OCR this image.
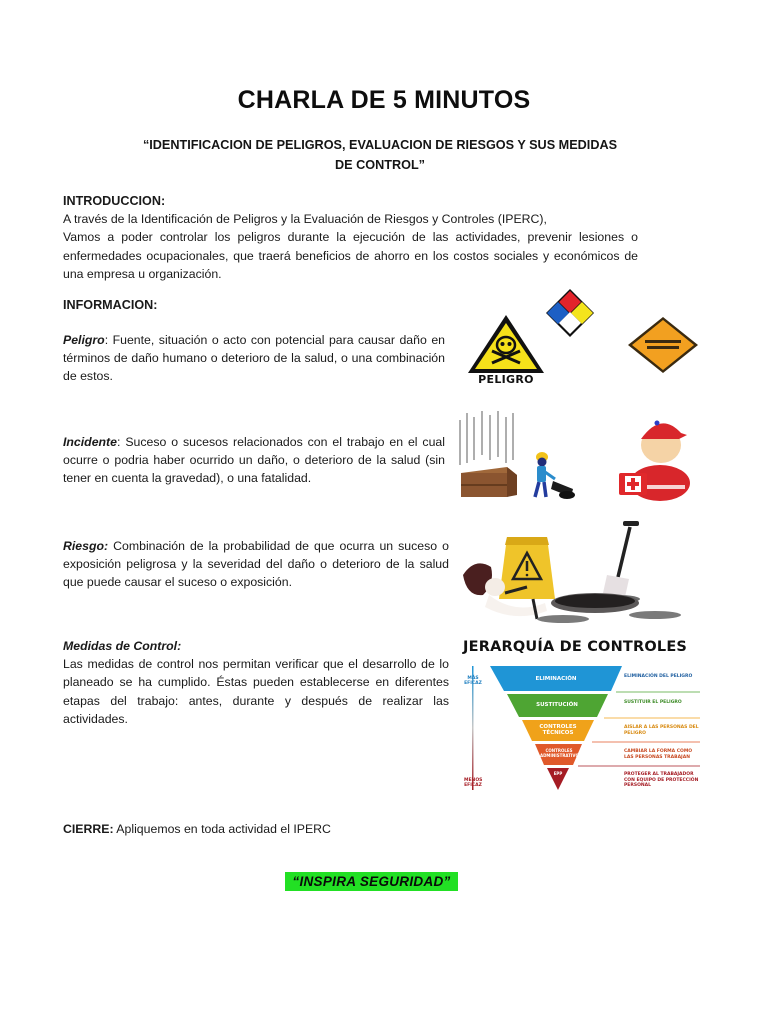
CHARLA DE 5 MINUTOS
“IDENTIFICACION DE PELIGROS, EVALUACION DE RIESGOS Y SUS MEDIDAS
DE CONTROL”
INTRODUCCION:
A través de la Identificación de Peligros y la Evaluación de Riesgos y Controles (IPERC),
Vamos a poder controlar los peligros durante la ejecución de las actividades, prevenir lesiones o enfermedades ocupacionales, que traerá beneficios de ahorro en los costos sociales y económicos de una empresa u organización.
INFORMACION:
Peligro: Fuente, situación o acto con potencial para causar daño en términos de daño humano o deterioro de la salud, o una combinación de estos.
Incidente: Suceso o sucesos relacionados con el trabajo en el cual ocurre o podria haber ocurrido un daño, o deterioro de la salud (sin tener en cuenta la gravedad), o una fatalidad.
Riesgo: Combinación de la probabilidad de que ocurra un suceso o exposición peligrosa y la severidad del daño o deterioro de la salud que puede causar el suceso o exposición.
Medidas de Control:
Las medidas de control nos permitan verificar que el desarrollo de lo planeado se ha cumplido. Éstas pueden establecerse en diferentes etapas del trabajo: antes, durante y después de realizar las actividades.
PELIGRO
JERARQUÍA DE CONTROLES
MÁS EFICAZ
MENOS EFICAZ
ELIMINACIÓN
SUSTITUCIÓN
CONTROLES TÉCNICOS
CONTROLES ADMINISTRATIVOS
EPP
ELIMINACIÓN DEL PELIGRO
SUSTITUIR EL PELIGRO
AISLAR A LAS PERSONAS DEL PELIGRO
CAMBIAR LA FORMA COMO LAS PERSONAS TRABAJAN
PROTEGER AL TRABAJADOR CON EQUIPO DE PROTECCIÓN PERSONAL
CIERRE: Apliquemos en toda actividad el IPERC
“INSPIRA SEGURIDAD”
